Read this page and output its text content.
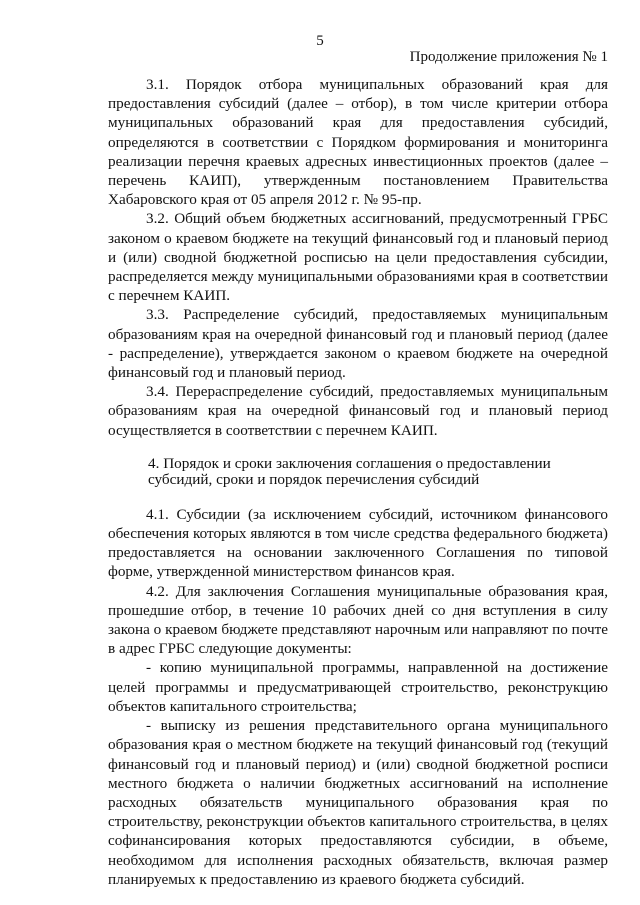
5
Продолжение приложения № 1

3.1. Порядок отбора муниципальных образований края для предоставления субсидий (далее – отбор), в том числе критерии отбора муниципальных образований края для предоставления субсидий, определяются в соответствии с Порядком формирования и мониторинга реализации перечня краевых адресных инвестиционных проектов (далее – перечень КАИП), утвержденным постановлением Правительства Хабаровского края от 05 апреля 2012 г. № 95-пр.

3.2. Общий объем бюджетных ассигнований, предусмотренный ГРБС законом о краевом бюджете на текущий финансовый год и плановый период и (или) сводной бюджетной росписью на цели предоставления субсидии, распределяется между муниципальными образованиями края в соответствии с перечнем КАИП.

3.3. Распределение субсидий, предоставляемых муниципальным образованиям края на очередной финансовый год и плановый период (далее - распределение), утверждается законом о краевом бюджете на очередной финансовый год и плановый период.

3.4. Перераспределение субсидий, предоставляемых муниципальным образованиям края на очередной финансовый год и плановый период осуществляется в соответствии с перечнем КАИП.

4. Порядок и сроки заключения соглашения о предоставлении
субсидий, сроки и порядок перечисления субсидий

4.1. Субсидии (за исключением субсидий, источником финансового обеспечения которых являются в том числе средства федерального бюджета) предоставляется на основании заключенного Соглашения по типовой форме, утвержденной министерством финансов края.

4.2. Для заключения Соглашения муниципальные образования края, прошедшие отбор, в течение 10 рабочих дней со дня вступления в силу закона о краевом бюджете представляют нарочным или направляют по почте в адрес ГРБС следующие документы:

- копию муниципальной программы, направленной на достижение целей программы и предусматривающей строительство, реконструкцию объектов капитального строительства;

- выписку из решения представительного органа муниципального образования края о местном бюджете на текущий финансовый год (текущий финансовый год и плановый период) и (или) сводной бюджетной росписи местного бюджета о наличии бюджетных ассигнований на исполнение расходных обязательств муниципального образования края по строительству, реконструкции объектов капитального строительства, в целях софинансирования которых предоставляются субсидии, в объеме, необходимом для исполнения расходных обязательств, включая размер планируемых к предоставлению из краевого бюджета субсидий.
